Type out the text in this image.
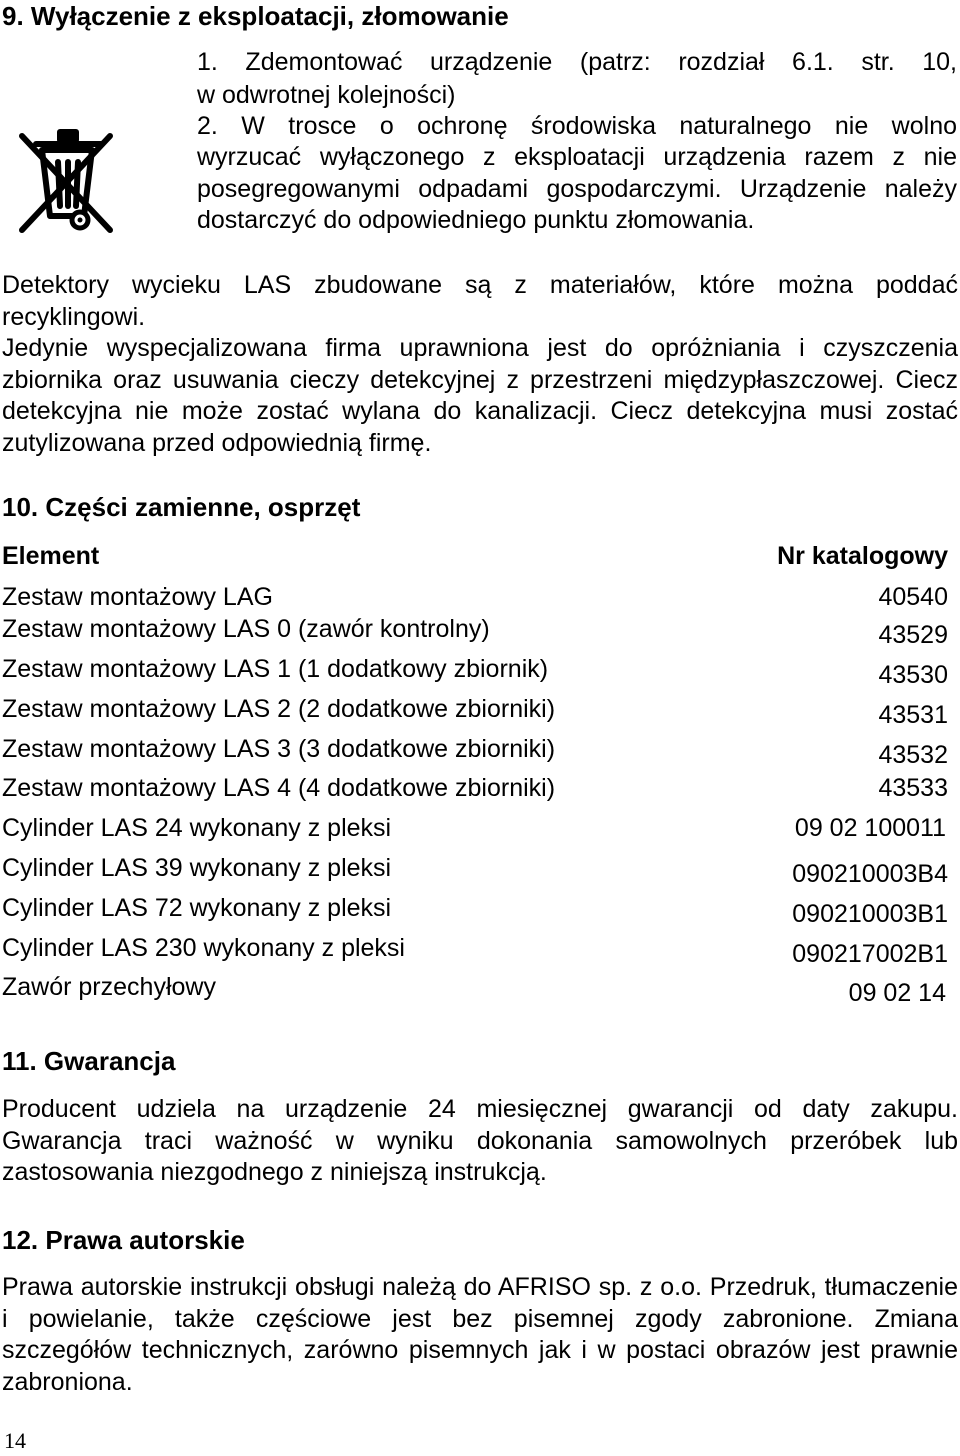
9. Wyłączenie z eksploatacji, złomowanie
1. Zdemontować urządzenie (patrz: rozdział 6.1. str. 10,
w odwrotnej kolejności)
2. W trosce o ochronę środowiska naturalnego nie wolno
wyrzucać wyłączonego z eksploatacji urządzenia razem z nie posegregowanymi odpadami gospodarczymi. Urządzenie należy dostarczyć do odpowiedniego punktu złomowania.
Detektory wycieku LAS zbudowane są z materiałów, które można poddać recyklingowi.
Jedynie wyspecjalizowana firma uprawniona jest do opróżniania i czyszczenia zbiornika oraz usuwania cieczy detekcyjnej z przestrzeni międzypłaszczowej. Ciecz detekcyjna nie może zostać wylana do kanalizacji. Ciecz detekcyjna musi zostać zutylizowana przed odpowiednią firmę.
10. Części zamienne, osprzęt
Element	Nr katalogowy
Zestaw montażowy LAG	40540
Zestaw montażowy LAS 0 (zawór kontrolny)	43529
Zestaw montażowy LAS 1 (1 dodatkowy zbiornik)	43530
Zestaw montażowy LAS 2 (2 dodatkowe zbiorniki)	43531
Zestaw montażowy LAS 3 (3 dodatkowe zbiorniki)	43532
Zestaw montażowy LAS 4 (4 dodatkowe zbiorniki)	43533
Cylinder LAS 24 wykonany z pleksi	09 02 100011
Cylinder LAS 39 wykonany z pleksi	090210003B4
Cylinder LAS 72 wykonany z pleksi	090210003B1
Cylinder LAS 230 wykonany z pleksi	090217002B1
Zawór przechyłowy	09 02 14
11. Gwarancja
Producent udziela na urządzenie 24 miesięcznej gwarancji od daty zakupu. Gwarancja traci ważność w wyniku dokonania samowolnych przeróbek lub zastosowania niezgodnego z niniejszą instrukcją.
12. Prawa autorskie
Prawa autorskie instrukcji obsługi należą do AFRISO sp. z o.o. Przedruk, tłumaczenie i powielanie, także częściowe jest bez pisemnej zgody zabronione. Zmiana szczegółów technicznych, zarówno pisemnych jak i w postaci obrazów jest prawnie zabroniona.
14
